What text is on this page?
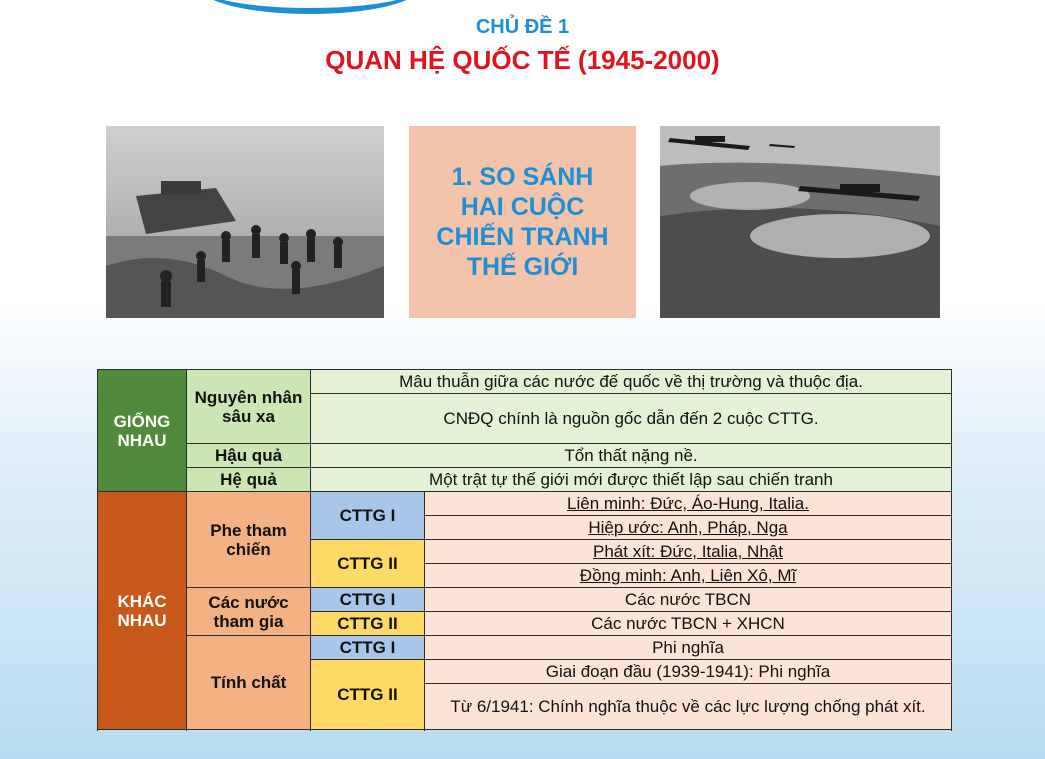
CHỦ ĐỀ 1
QUAN HỆ QUỐC TẾ (1945-2000)
1. SO SÁNH
HAI CUỘC
CHIẾN TRANH
THẾ GIỚI
GIỐNG NHAU	Nguyên nhân sâu xa	Mâu thuẫn giữa các nước đế quốc về thị trường và thuộc địa.	
		CNĐQ chính là nguồn gốc dẫn đến 2 cuộc CTTG.	
	Hậu quả	Tổn thất nặng nề.	
	Hệ quả	Một trật tự thế giới mới được thiết lập sau chiến tranh	

KHÁC NHAU	Phe tham chiến	CTTG I	Liên minh: Đức, Áo-Hung, Italia.
			Hiệp ước: Anh, Pháp, Nga
		CTTG II	Phát xít: Đức, Italia, Nhật
			Đồng minh: Anh, Liên Xô, Mĩ
	Các nước tham gia	CTTG I	Các nước TBCN
		CTTG II	Các nước TBCN + XHCN
	Tính chất	CTTG I	Phi nghĩa
		CTTG II	Giai đoạn đầu (1939-1941): Phi nghĩa
			Từ 6/1941: Chính nghĩa thuộc về các lực lượng chống phát xít.
